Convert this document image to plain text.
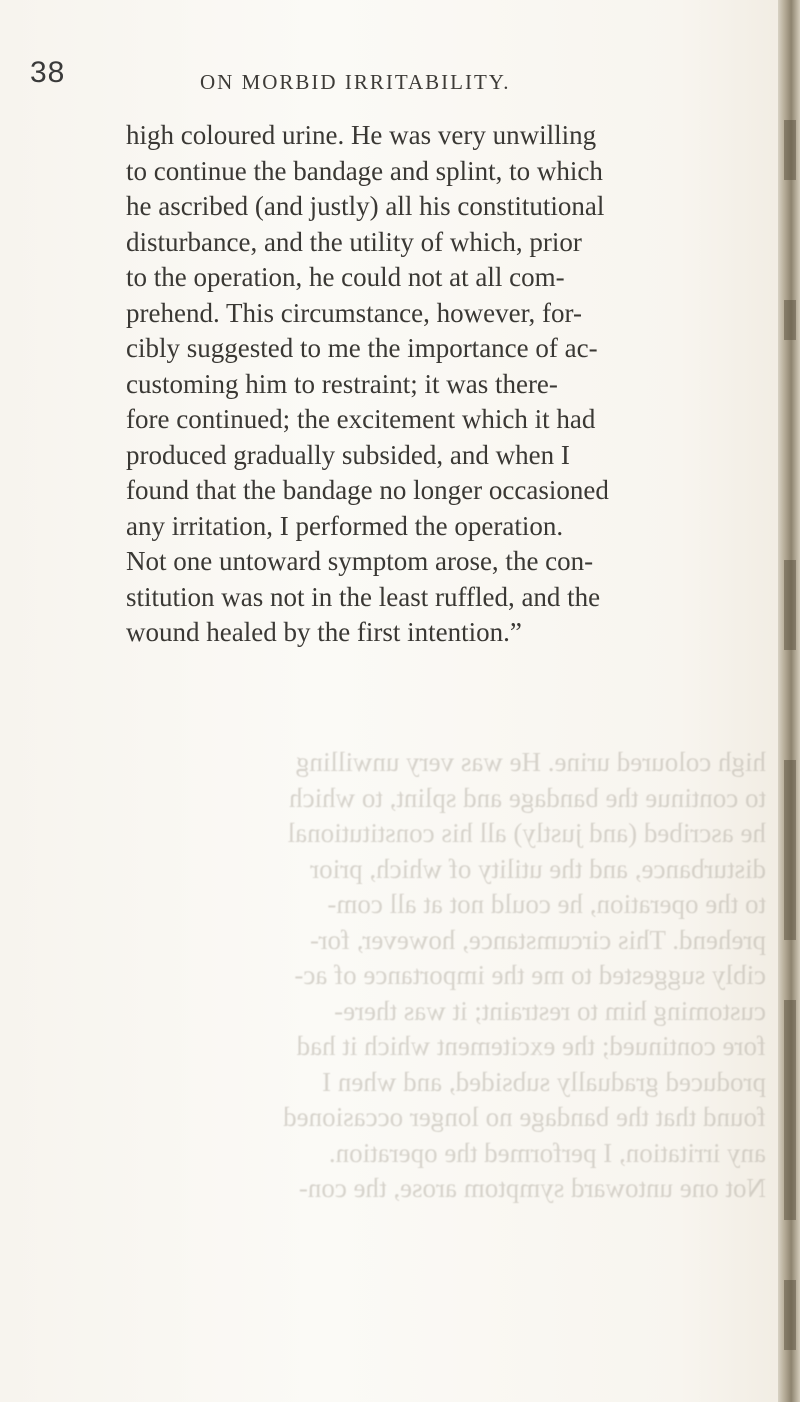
38	ON MORBID IRRITABILITY.
high coloured urine. He was very unwilling
to continue the bandage and splint, to which
he ascribed (and justly) all his constitutional
disturbance, and the utility of which, prior
to the operation, he could not at all com-
prehend. This circumstance, however, for-
cibly suggested to me the importance of ac-
customing him to restraint; it was there-
fore continued; the excitement which it had
produced gradually subsided, and when I
found that the bandage no longer occasioned
any irritation, I performed the operation.
Not one untoward symptom arose, the con-
stitution was not in the least ruffled, and the
wound healed by the first intention.”
high coloured urine. He was very unwilling
to continue the bandage and splint, to which
he ascribed (and justly) all his constitutional
disturbance, and the utility of which, prior
to the operation, he could not at all com-
prehend. This circumstance, however, for-
cibly suggested to me the importance of ac-
customing him to restraint; it was there-
fore continued; the excitement which it had
produced gradually subsided, and when I
found that the bandage no longer occasioned
any irritation, I performed the operation.
Not one untoward symptom arose, the con-
